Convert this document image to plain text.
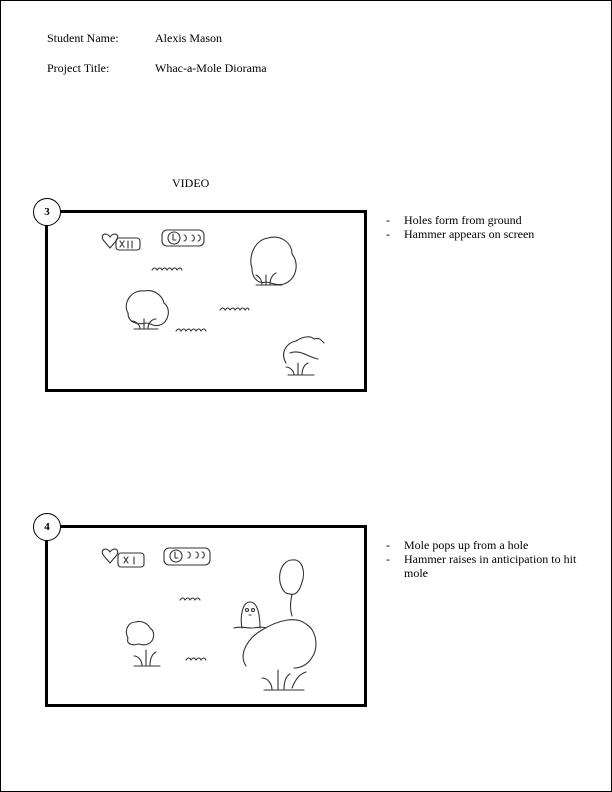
Student Name:	Alexis Mason
Project Title:	Whac-a-Mole Diorama
VIDEO
3
- Holes form from ground
- Hammer appears on screen
4
- Mole pops up from a hole
- Hammer raises in anticipation to hit mole
